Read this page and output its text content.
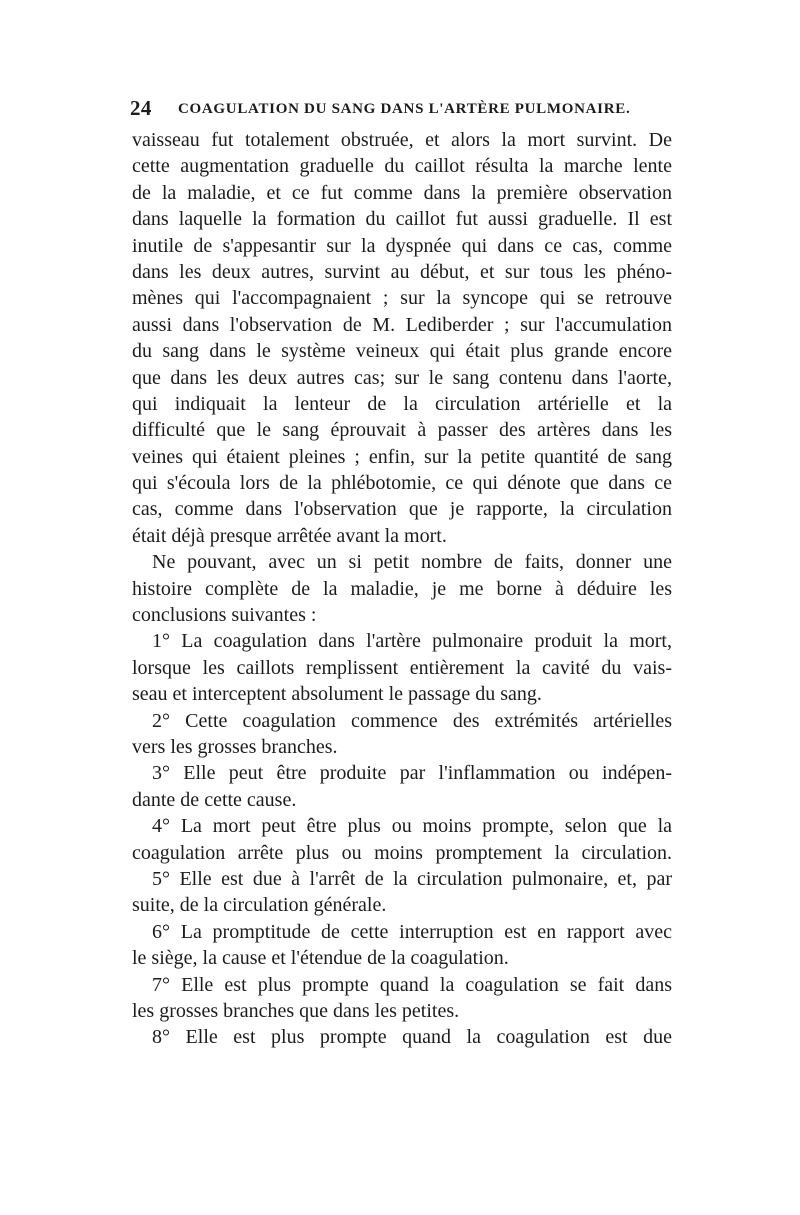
24 COAGULATION DU SANG DANS L'ARTÈRE PULMONAIRE.
vaisseau fut totalement obstruée, et alors la mort survint. De
cette augmentation graduelle du caillot résulta la marche lente
de la maladie, et ce fut comme dans la première observation
dans laquelle la formation du caillot fut aussi graduelle. Il est
inutile de s'appesantir sur la dyspnée qui dans ce cas, comme
dans les deux autres, survint au début, et sur tous les phéno-
mènes qui l'accompagnaient ; sur la syncope qui se retrouve
aussi dans l'observation de M. Lediberder ; sur l'accumulation
du sang dans le système veineux qui était plus grande encore
que dans les deux autres cas; sur le sang contenu dans l'aorte,
qui indiquait la lenteur de la circulation artérielle et la
difficulté que le sang éprouvait à passer des artères dans les
veines qui étaient pleines ; enfin, sur la petite quantité de sang
qui s'écoula lors de la phlébotomie, ce qui dénote que dans ce
cas, comme dans l'observation que je rapporte, la circulation
était déjà presque arrêtée avant la mort.
Ne pouvant, avec un si petit nombre de faits, donner une
histoire complète de la maladie, je me borne à déduire les
conclusions suivantes :
1° La coagulation dans l'artère pulmonaire produit la mort,
lorsque les caillots remplissent entièrement la cavité du vais-
seau et interceptent absolument le passage du sang.
2° Cette coagulation commence des extrémités artérielles
vers les grosses branches.
3° Elle peut être produite par l'inflammation ou indépen-
dante de cette cause.
4° La mort peut être plus ou moins prompte, selon que la
coagulation arrête plus ou moins promptement la circulation.
5° Elle est due à l'arrêt de la circulation pulmonaire, et, par
suite, de la circulation générale.
6° La promptitude de cette interruption est en rapport avec
le siège, la cause et l'étendue de la coagulation.
7° Elle est plus prompte quand la coagulation se fait dans
les grosses branches que dans les petites.
8° Elle est plus prompte quand la coagulation est due
